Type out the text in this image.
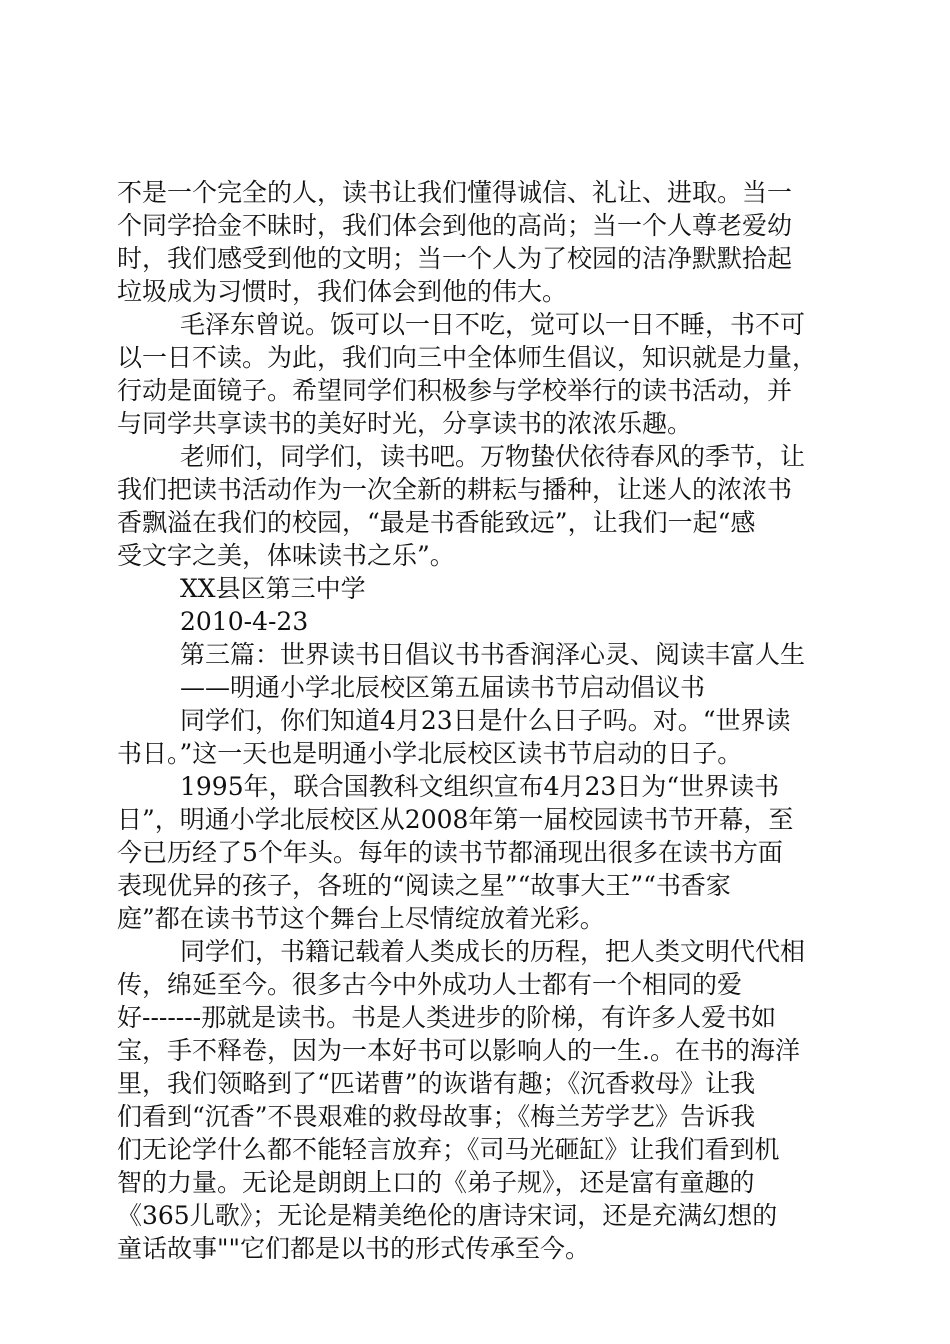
不是一个完全的人，读书让我们懂得诚信、礼让、进取。当一
个同学拾金不昧时，我们体会到他的高尚；当一个人尊老爱幼
时，我们感受到他的文明；当一个人为了校园的洁净默默拾起
垃圾成为习惯时，我们体会到他的伟大。
毛泽东曾说。饭可以一日不吃，觉可以一日不睡，书不可
以一日不读。为此，我们向三中全体师生倡议，知识就是力量，
行动是面镜子。希望同学们积极参与学校举行的读书活动，并
与同学共享读书的美好时光，分享读书的浓浓乐趣。
老师们，同学们，读书吧。万物蛰伏依待春风的季节，让
我们把读书活动作为一次全新的耕耘与播种，让迷人的浓浓书
香飘溢在我们的校园，“最是书香能致远”，让我们一起“感
受文字之美，体味读书之乐”。
XX县区第三中学
2010-4-23
第三篇：世界读书日倡议书书香润泽心灵、阅读丰富人生
——明通小学北辰校区第五届读书节启动倡议书
同学们，你们知道4月23日是什么日子吗。对。“世界读
书日。”这一天也是明通小学北辰校区读书节启动的日子。
1995年，联合国教科文组织宣布4月23日为“世界读书
日”，明通小学北辰校区从2008年第一届校园读书节开幕，至
今已历经了5个年头。每年的读书节都涌现出很多在读书方面
表现优异的孩子，各班的“阅读之星”“故事大王”“书香家
庭”都在读书节这个舞台上尽情绽放着光彩。
同学们，书籍记载着人类成长的历程，把人类文明代代相
传，绵延至今。很多古今中外成功人士都有一个相同的爱
好-------那就是读书。书是人类进步的阶梯，有许多人爱书如
宝，手不释卷，因为一本好书可以影响人的一生.。在书的海洋
里，我们领略到了“匹诺曹”的诙谐有趣；《沉香救母》让我
们看到“沉香”不畏艰难的救母故事；《梅兰芳学艺》告诉我
们无论学什么都不能轻言放弃；《司马光砸缸》让我们看到机
智的力量。无论是朗朗上口的《弟子规》，还是富有童趣的
《365儿歌》；无论是精美绝伦的唐诗宋词，还是充满幻想的
童话故事""它们都是以书的形式传承至今。
